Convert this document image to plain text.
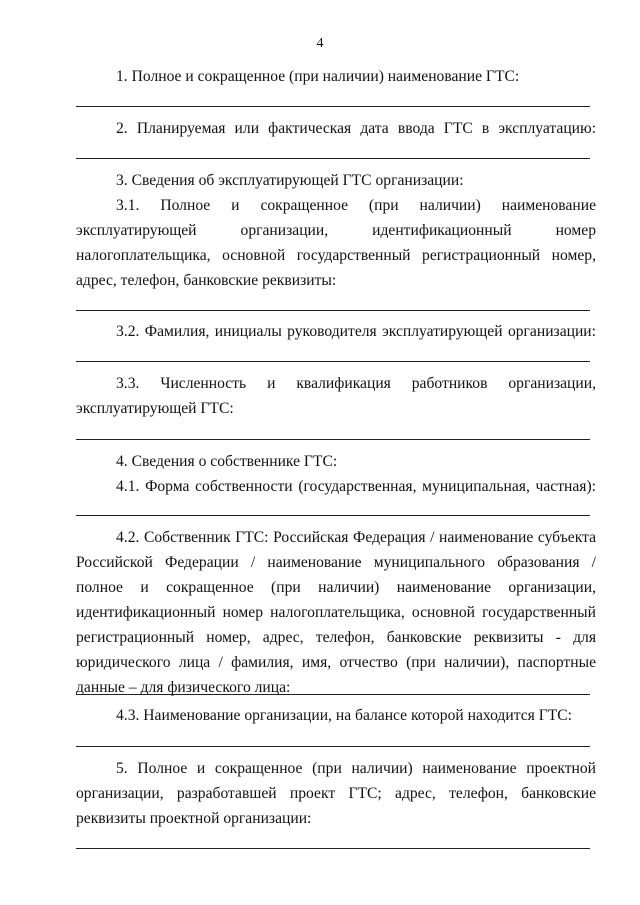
4

1. Полное и сокращенное (при наличии) наименование ГТС:

2. Планируемая или фактическая дата ввода ГТС в эксплуатацию:

3. Сведения об эксплуатирующей ГТС организации:

3.1. Полное и сокращенное (при наличии) наименование эксплуатирующей организации, идентификационный номер налогоплательщика, основной государственный регистрационный номер, адрес, телефон, банковские реквизиты:

3.2. Фамилия, инициалы руководителя эксплуатирующей организации:

3.3. Численность и квалификация работников организации, эксплуатирующей ГТС:

4. Сведения о собственнике ГТС:

4.1. Форма собственности (государственная, муниципальная, частная):

4.2. Собственник ГТС: Российская Федерация / наименование субъекта Российской Федерации / наименование муниципального образования / полное и сокращенное (при наличии) наименование организации, идентификационный номер налогоплательщика, основной государственный регистрационный номер, адрес, телефон, банковские реквизиты - для юридического лица / фамилия, имя, отчество (при наличии), паспортные данные – для физического лица:

4.3. Наименование организации, на балансе которой находится ГТС:

5. Полное и сокращенное (при наличии) наименование проектной организации, разработавшей проект ГТС; адрес, телефон, банковские реквизиты проектной организации:
